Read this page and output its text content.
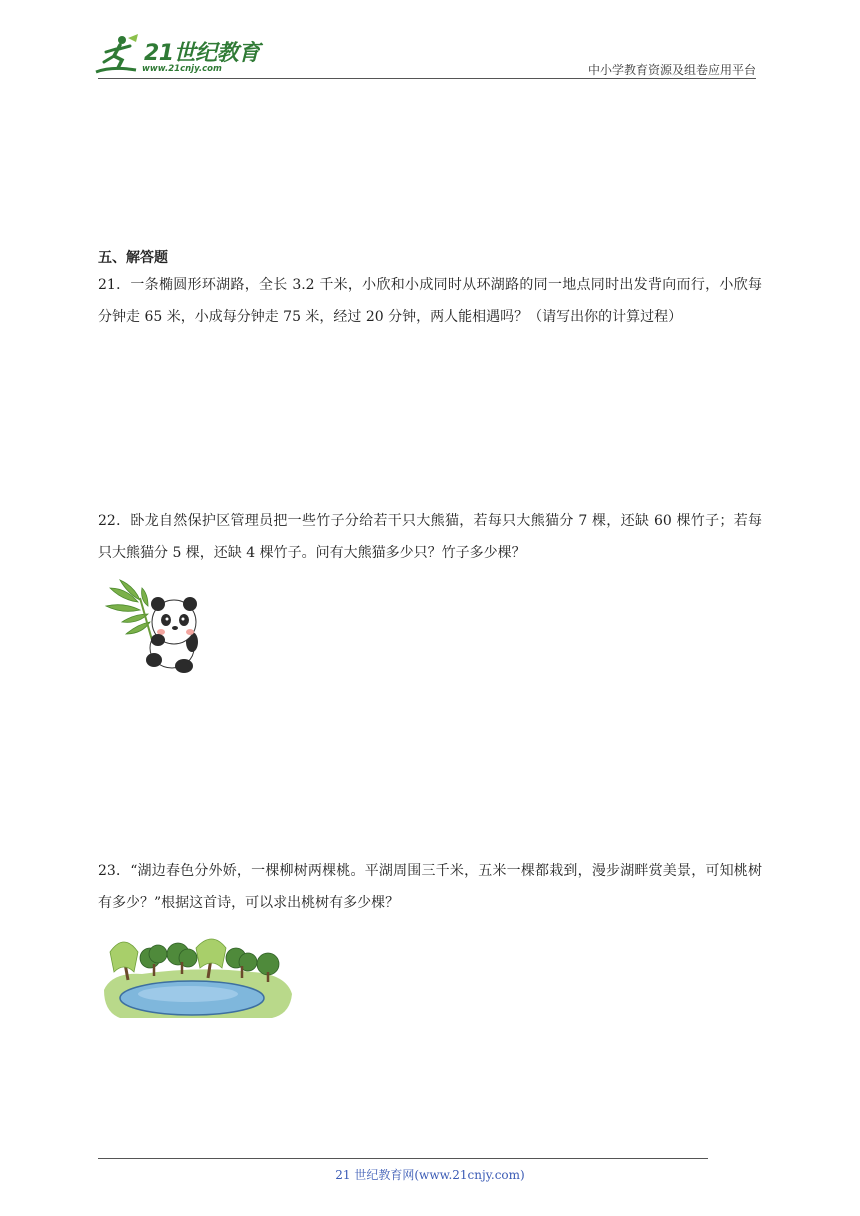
21世纪教育
www.21cnjy.com	中小学教育资源及组卷应用平台
五、解答题
21．一条椭圆形环湖路，全长 3.2 千米，小欣和小成同时从环湖路的同一地点同时出发背向而行，小欣每分钟走 65 米，小成每分钟走 75 米，经过 20 分钟，两人能相遇吗？（请写出你的计算过程）
22．卧龙自然保护区管理员把一些竹子分给若干只大熊猫，若每只大熊猫分 7 棵，还缺 60 棵竹子；若每只大熊猫分 5 棵，还缺 4 棵竹子。问有大熊猫多少只？竹子多少棵？
23．“湖边春色分外娇，一棵柳树两棵桃。平湖周围三千米，五米一棵都栽到，漫步湖畔赏美景，可知桃树有多少？”根据这首诗，可以求出桃树有多少棵？
21 世纪教育网(www.21cnjy.com)
